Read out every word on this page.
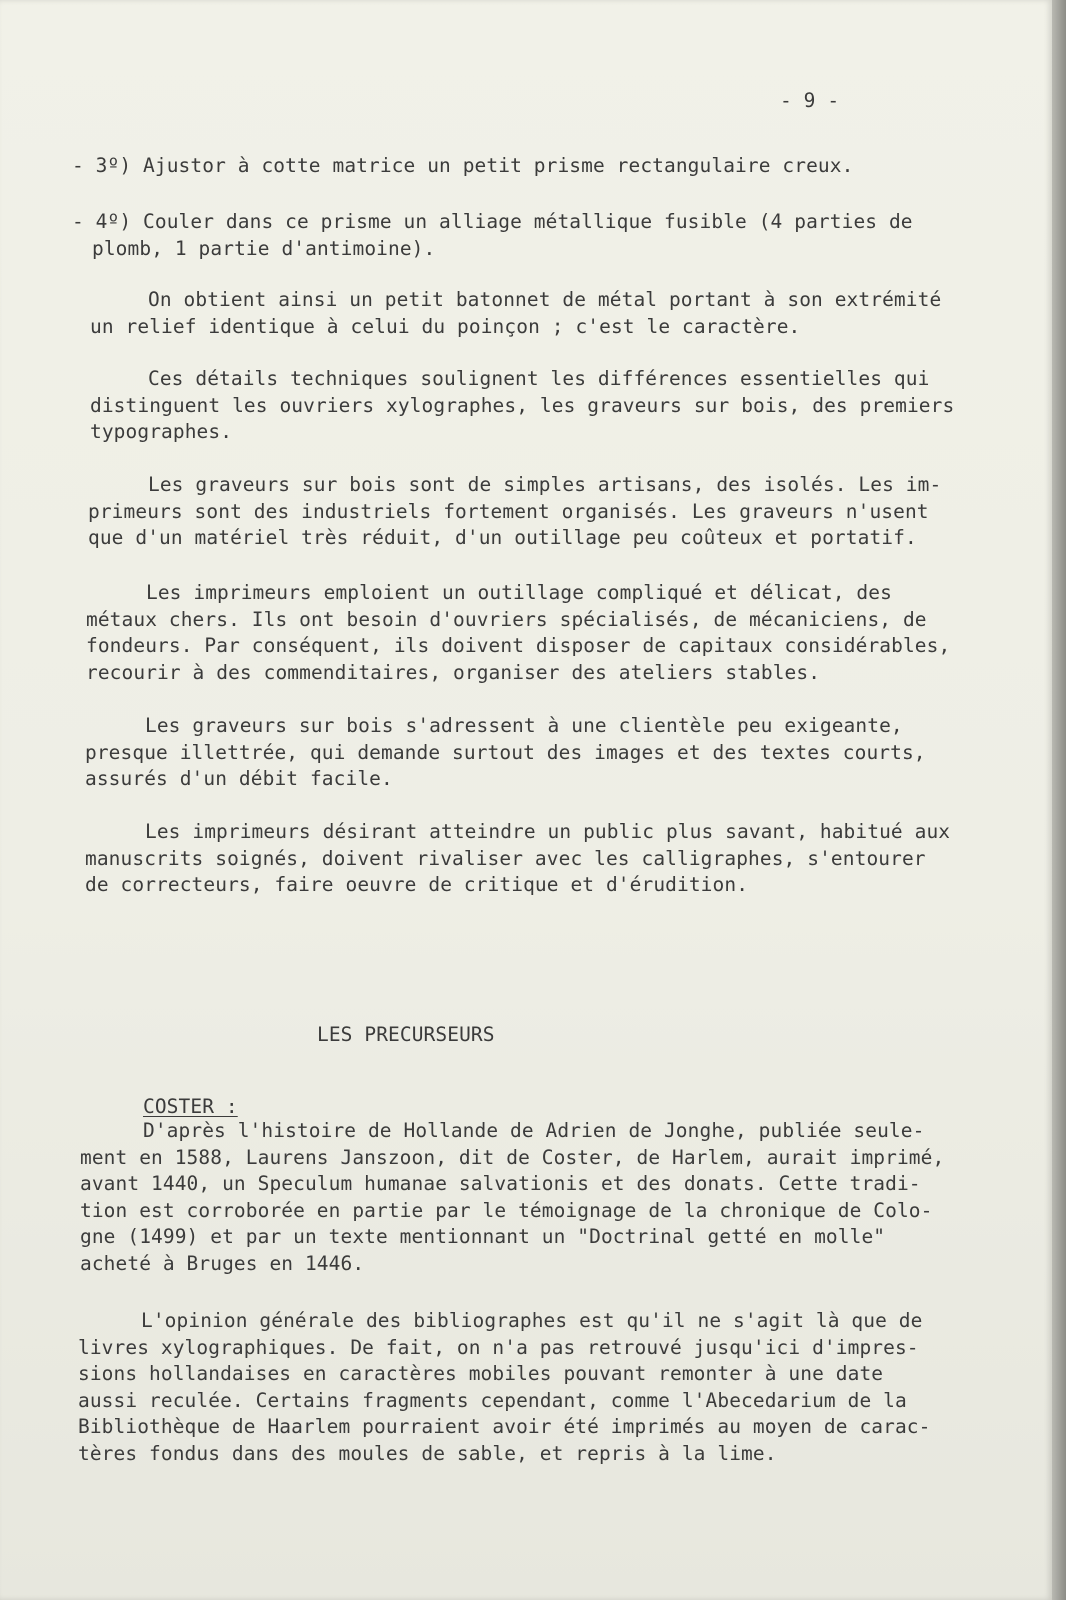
- 9 -
- 3º) Ajustor à cotte matrice un petit prisme rectangulaire creux.
- 4º) Couler dans ce prisme un alliage métallique fusible (4 parties de
plomb, 1 partie d'antimoine).
On obtient ainsi un petit batonnet de métal portant à son extrémité
un relief identique à celui du poinçon ; c'est le caractère.
Ces détails techniques soulignent les différences essentielles qui
distinguent les ouvriers xylographes, les graveurs sur bois, des premiers
typographes.
Les graveurs sur bois sont de simples artisans, des isolés. Les im-
primeurs sont des industriels fortement organisés. Les graveurs n'usent
que d'un matériel très réduit, d'un outillage peu coûteux et portatif.
Les imprimeurs emploient un outillage compliqué et délicat, des
métaux chers. Ils ont besoin d'ouvriers spécialisés, de mécaniciens, de
fondeurs. Par conséquent, ils doivent disposer de capitaux considérables,
recourir à des commenditaires, organiser des ateliers stables.
Les graveurs sur bois s'adressent à une clientèle peu exigeante,
presque illettrée, qui demande surtout des images et des textes courts,
assurés d'un débit facile.
Les imprimeurs désirant atteindre un public plus savant, habitué aux
manuscrits soignés, doivent rivaliser avec les calligraphes, s'entourer
de correcteurs, faire oeuvre de critique et d'érudition.
LES PRECURSEURS
COSTER :
D'après l'histoire de Hollande de Adrien de Jonghe, publiée seule-
ment en 1588, Laurens Janszoon, dit de Coster, de Harlem, aurait imprimé,
avant 1440, un Speculum humanae salvationis et des donats. Cette tradi-
tion est corroborée en partie par le témoignage de la chronique de Colo-
gne (1499) et par un texte mentionnant un "Doctrinal getté en molle"
acheté à Bruges en 1446.
L'opinion générale des bibliographes est qu'il ne s'agit là que de
livres xylographiques. De fait, on n'a pas retrouvé jusqu'ici d'impres-
sions hollandaises en caractères mobiles pouvant remonter à une date
aussi reculée. Certains fragments cependant, comme l'Abecedarium de la
Bibliothèque de Haarlem pourraient avoir été imprimés au moyen de carac-
tères fondus dans des moules de sable, et repris à la lime.
